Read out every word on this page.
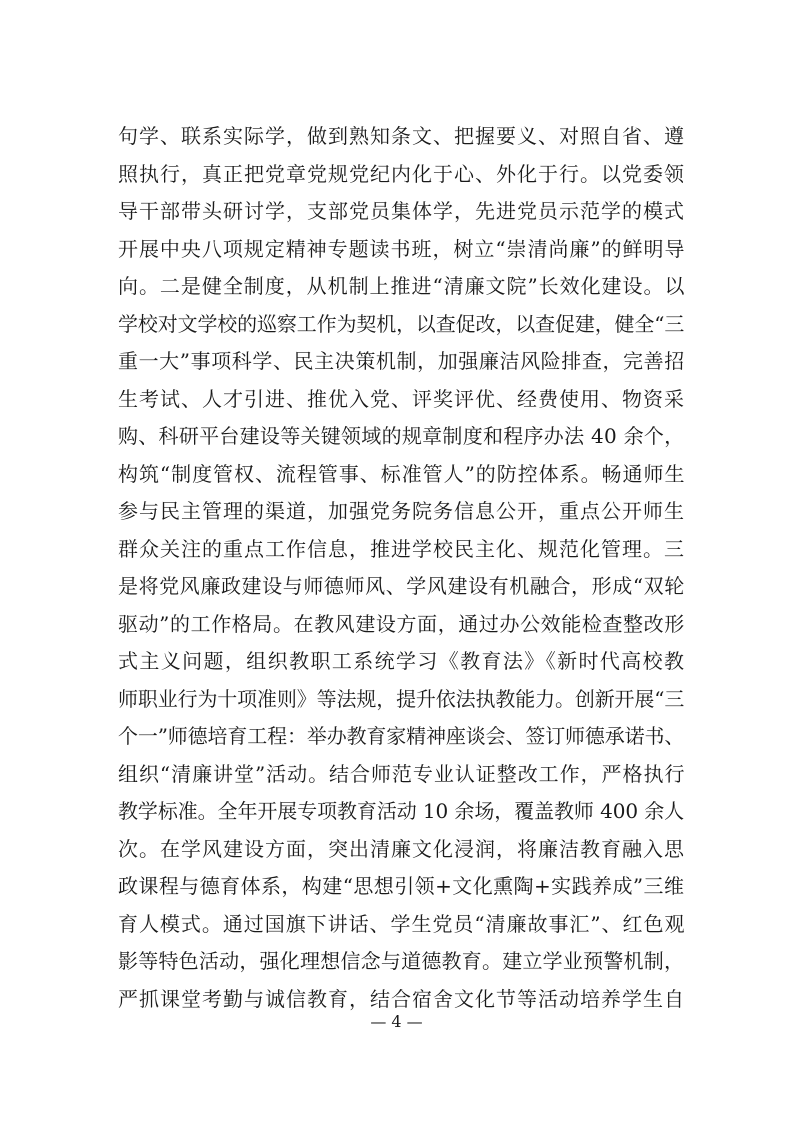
句学、联系实际学，做到熟知条文、把握要义、对照自省、遵
照执行，真正把党章党规党纪内化于心、外化于行。以党委领
导干部带头研讨学，支部党员集体学，先进党员示范学的模式
开展中央八项规定精神专题读书班，树立“崇清尚廉”的鲜明导
向。二是健全制度，从机制上推进“清廉文院”长效化建设。以
学校对文学校的巡察工作为契机，以查促改，以查促建，健全“三
重一大”事项科学、民主决策机制，加强廉洁风险排查，完善招
生考试、人才引进、推优入党、评奖评优、经费使用、物资采
购、科研平台建设等关键领域的规章制度和程序办法 40 余个，
构筑“制度管权、流程管事、标准管人”的防控体系。畅通师生
参与民主管理的渠道，加强党务院务信息公开，重点公开师生
群众关注的重点工作信息，推进学校民主化、规范化管理。三
是将党风廉政建设与师德师风、学风建设有机融合，形成“双轮
驱动”的工作格局。在教风建设方面，通过办公效能检查整改形
式主义问题，组织教职工系统学习《教育法》《新时代高校教
师职业行为十项准则》等法规，提升依法执教能力。创新开展“三
个一”师德培育工程：举办教育家精神座谈会、签订师德承诺书、
组织“清廉讲堂”活动。结合师范专业认证整改工作，严格执行
教学标准。全年开展专项教育活动 10 余场，覆盖教师 400 余人
次。在学风建设方面，突出清廉文化浸润，将廉洁教育融入思
政课程与德育体系，构建“思想引领+文化熏陶+实践养成”三维
育人模式。通过国旗下讲话、学生党员“清廉故事汇”、红色观
影等特色活动，强化理想信念与道德教育。建立学业预警机制，
严抓课堂考勤与诚信教育，结合宿舍文化节等活动培养学生自
— 4 —
